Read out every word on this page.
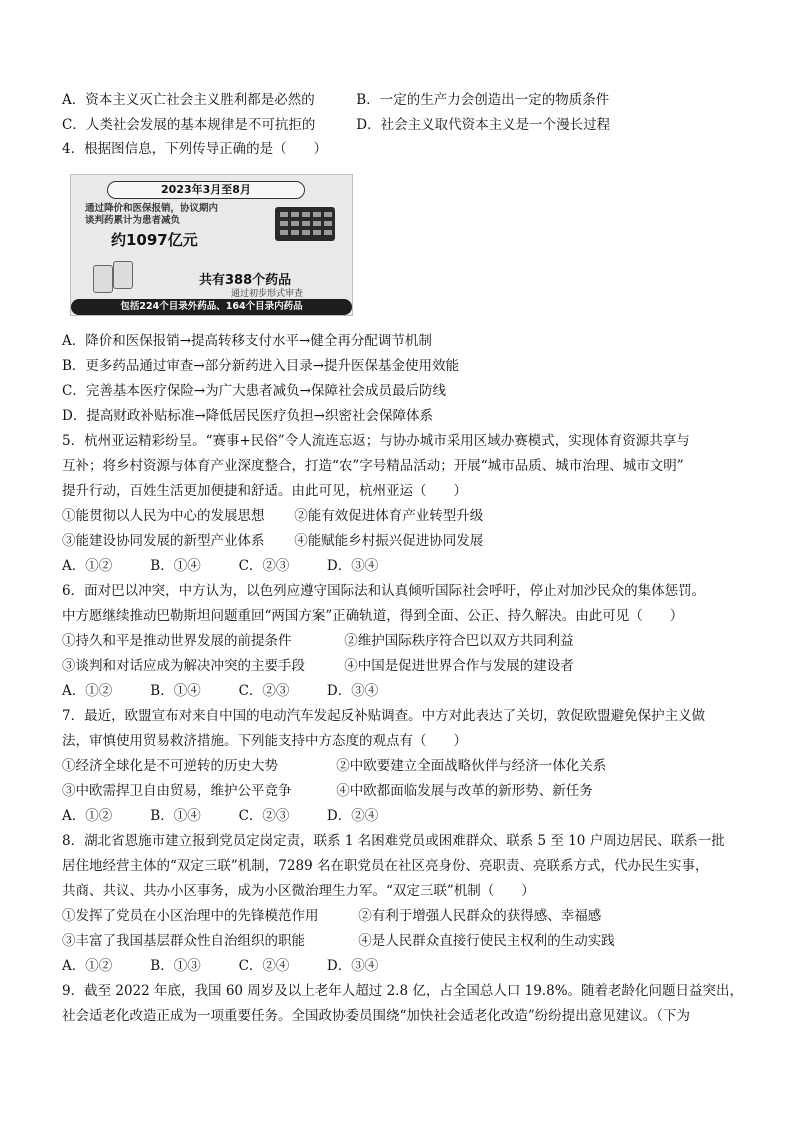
A．资本主义灭亡社会主义胜利都是必然的	B．一定的生产力会创造出一定的物质条件
C．人类社会发展的基本规律是不可抗拒的	D．社会主义取代资本主义是一个漫长过程
4．根据图信息，下列传导正确的是（　　）
2023年3月至8月
通过降价和医保报销，协议期内
谈判药累计为患者减负
约1097亿元
共有388个药品
通过初步形式审查
包括224个目录外药品、164个目录内药品
A．降价和医保报销→提高转移支付水平→健全再分配调节机制
B．更多药品通过审查→部分新药进入目录→提升医保基金使用效能
C．完善基本医疗保险→为广大患者减负→保障社会成员最后防线
D．提高财政补贴标准→降低居民医疗负担→织密社会保障体系
5．杭州亚运精彩纷呈。“赛事+民俗”令人流连忘返；与协办城市采用区域办赛模式，实现体育资源共享与
互补；将乡村资源与体育产业深度整合，打造“农”字号精品活动；开展“城市品质、城市治理、城市文明”
提升行动，百姓生活更加便捷和舒适。由此可见，杭州亚运（　　）
①能贯彻以人民为中心的发展思想 ②能有效促进体育产业转型升级
③能建设协同发展的新型产业体系 ④能赋能乡村振兴促进协同发展
A．①②	B．①④	C．②③	D．③④
6．面对巴以冲突，中方认为，以色列应遵守国际法和认真倾听国际社会呼吁，停止对加沙民众的集体惩罚。
中方愿继续推动巴勒斯坦问题重回“两国方案”正确轨道，得到全面、公正、持久解决。由此可见（　　）
①持久和平是推动世界发展的前提条件	②维护国际秩序符合巴以双方共同利益
③谈判和对话应成为解决冲突的主要手段	④中国是促进世界合作与发展的建设者
A．①②	B．①④	C．②③	D．③④
7．最近，欧盟宣布对来自中国的电动汽车发起反补贴调查。中方对此表达了关切，敦促欧盟避免保护主义做
法，审慎使用贸易救济措施。下列能支持中方态度的观点有（　　）
①经济全球化是不可逆转的历史大势	②中欧要建立全面战略伙伴与经济一体化关系
③中欧需捍卫自由贸易，维护公平竞争	④中欧都面临发展与改革的新形势、新任务
A．①②	B．①④	C．②③	D．②④
8．湖北省恩施市建立报到党员定岗定责，联系 1 名困难党员或困难群众、联系 5 至 10 户周边居民、联系一批
居住地经营主体的“双定三联”机制，7289 名在职党员在社区亮身份、亮职责、亮联系方式，代办民生实事，
共商、共议、共办小区事务，成为小区微治理生力军。“双定三联”机制（　　）
①发挥了党员在小区治理中的先锋模范作用	②有利于增强人民群众的获得感、幸福感
③丰富了我国基层群众性自治组织的职能	④是人民群众直接行使民主权利的生动实践
A．①②	B．①③	C．②④	D．③④
9．截至 2022 年底，我国 60 周岁及以上老年人超过 2.8 亿，占全国总人口 19.8%。随着老龄化问题日益突出，
社会适老化改造正成为一项重要任务。全国政协委员围绕“加快社会适老化改造”纷纷提出意见建议。（下为
